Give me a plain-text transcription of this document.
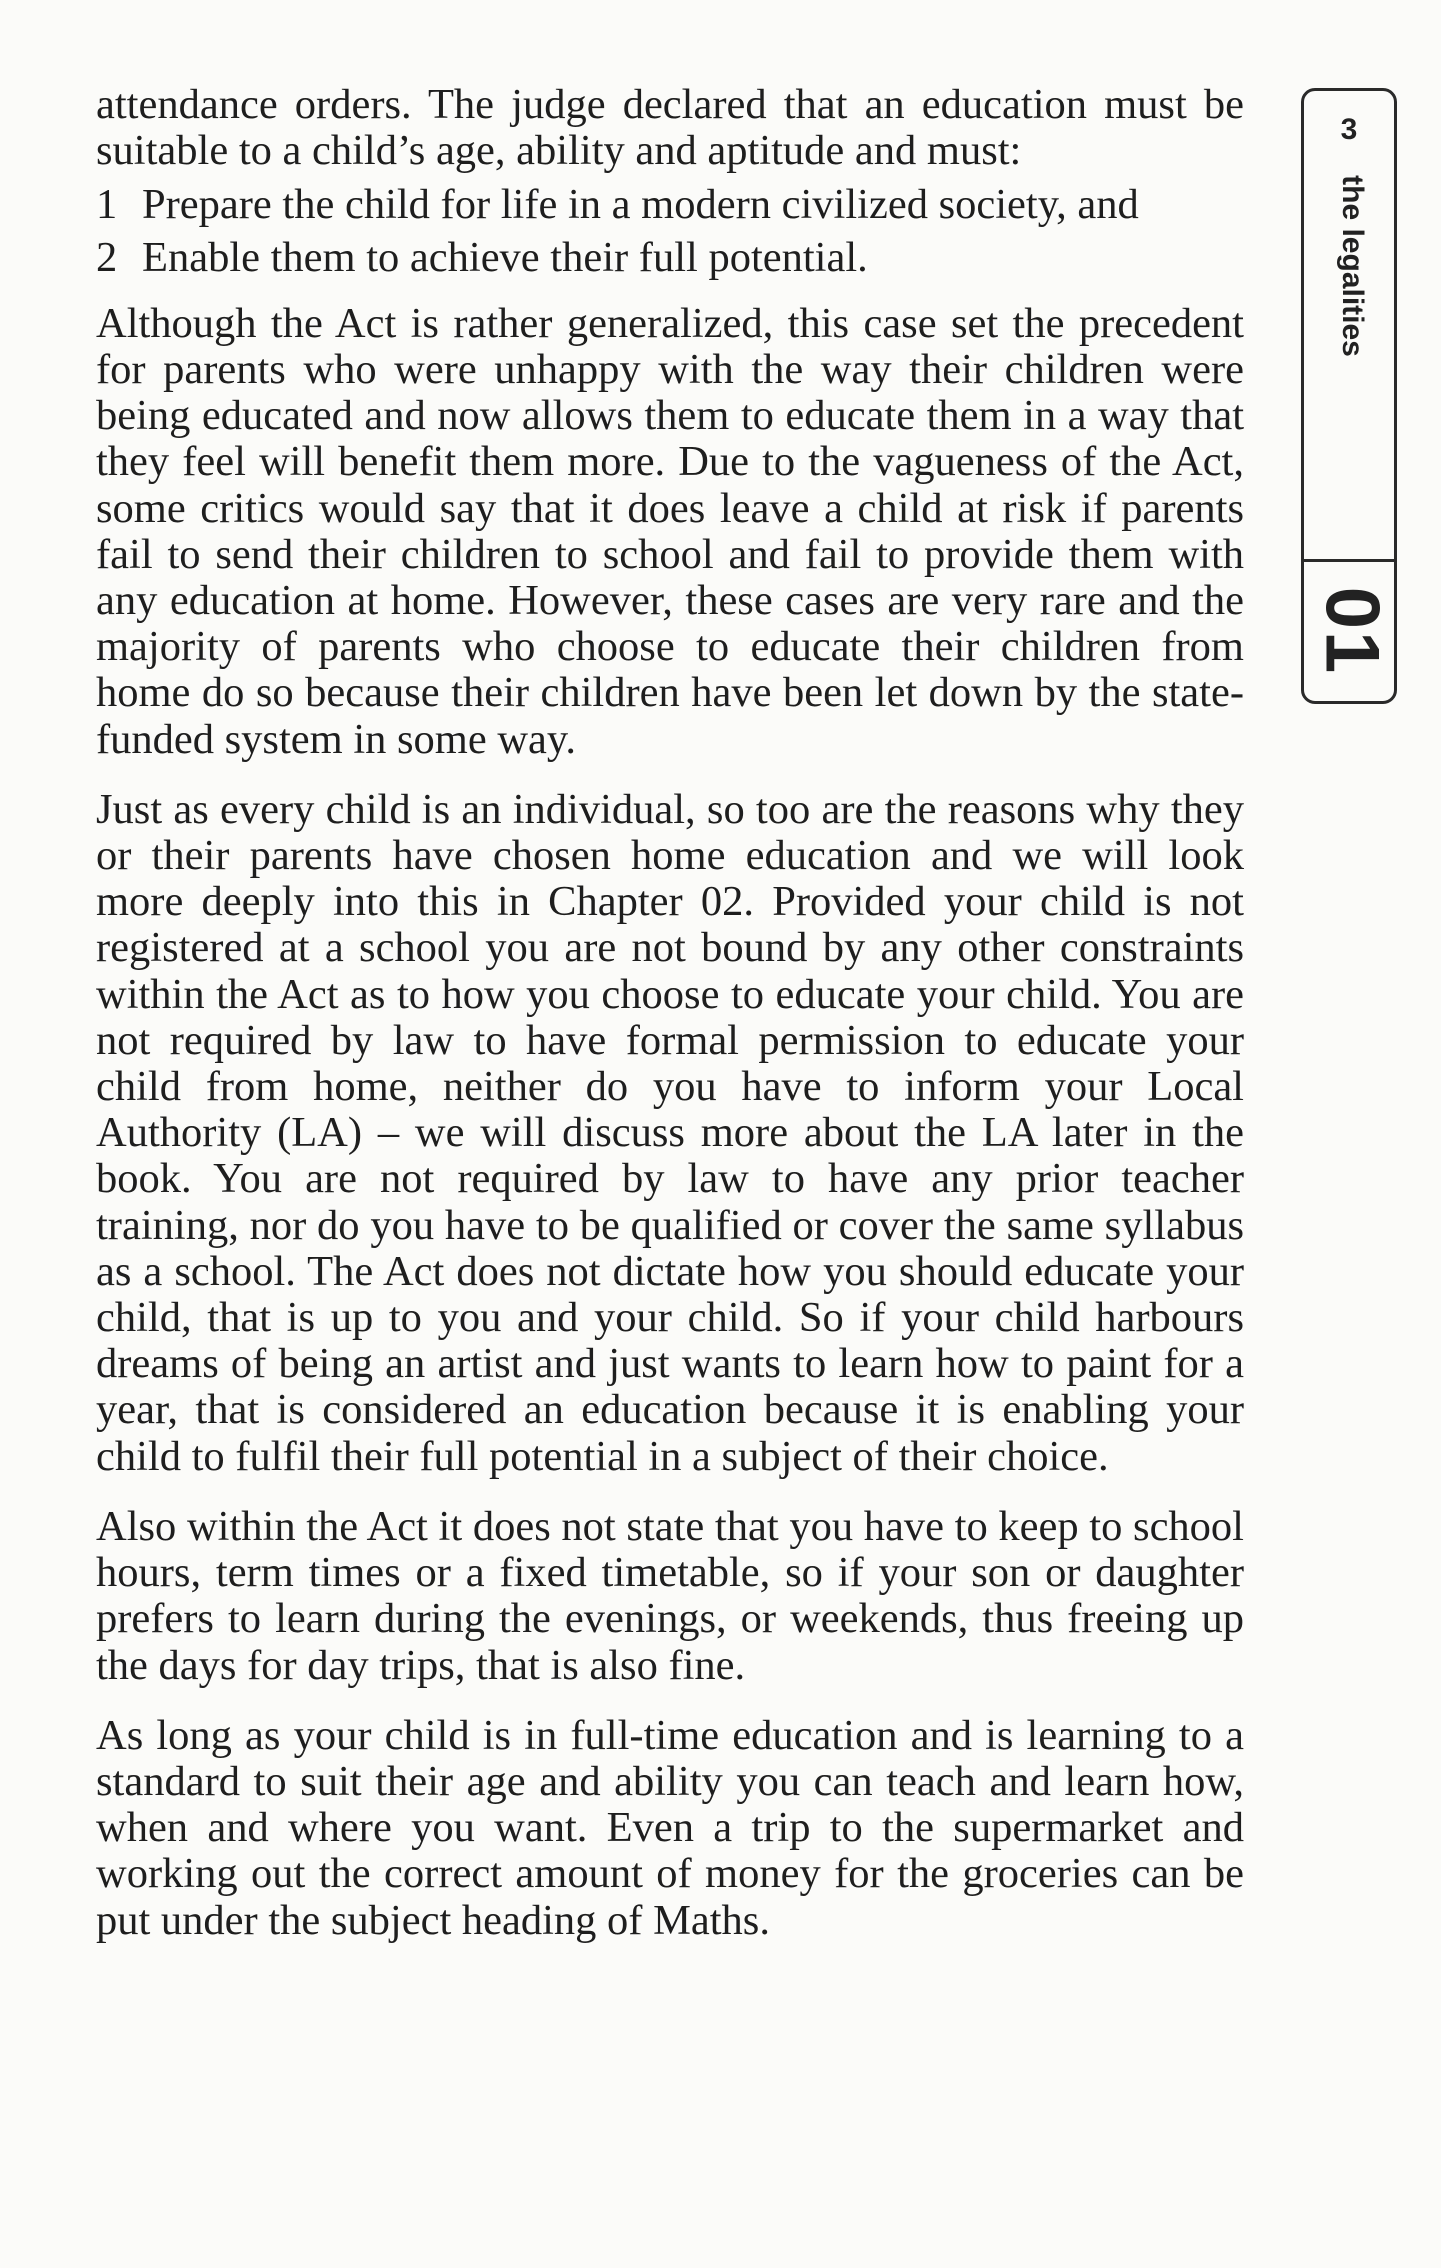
attendance orders. The judge declared that an education must be suitable to a child’s age, ability and aptitude and must:

1 Prepare the child for life in a modern civilized society, and
2 Enable them to achieve their full potential.

Although the Act is rather generalized, this case set the precedent for parents who were unhappy with the way their children were being educated and now allows them to educate them in a way that they feel will benefit them more. Due to the vagueness of the Act, some critics would say that it does leave a child at risk if parents fail to send their children to school and fail to provide them with any education at home. However, these cases are very rare and the majority of parents who choose to educate their children from home do so because their children have been let down by the state-funded system in some way.

Just as every child is an individual, so too are the reasons why they or their parents have chosen home education and we will look more deeply into this in Chapter 02. Provided your child is not registered at a school you are not bound by any other constraints within the Act as to how you choose to educate your child. You are not required by law to have formal permission to educate your child from home, neither do you have to inform your Local Authority (LA) – we will discuss more about the LA later in the book. You are not required by law to have any prior teacher training, nor do you have to be qualified or cover the same syllabus as a school. The Act does not dictate how you should educate your child, that is up to you and your child. So if your child harbours dreams of being an artist and just wants to learn how to paint for a year, that is considered an education because it is enabling your child to fulfil their full potential in a subject of their choice.

Also within the Act it does not state that you have to keep to school hours, term times or a fixed timetable, so if your son or daughter prefers to learn during the evenings, or weekends, thus freeing up the days for day trips, that is also fine.

As long as your child is in full-time education and is learning to a standard to suit their age and ability you can teach and learn how, when and where you want. Even a trip to the supermarket and working out the correct amount of money for the groceries can be put under the subject heading of Maths.

3
the legalities
01
